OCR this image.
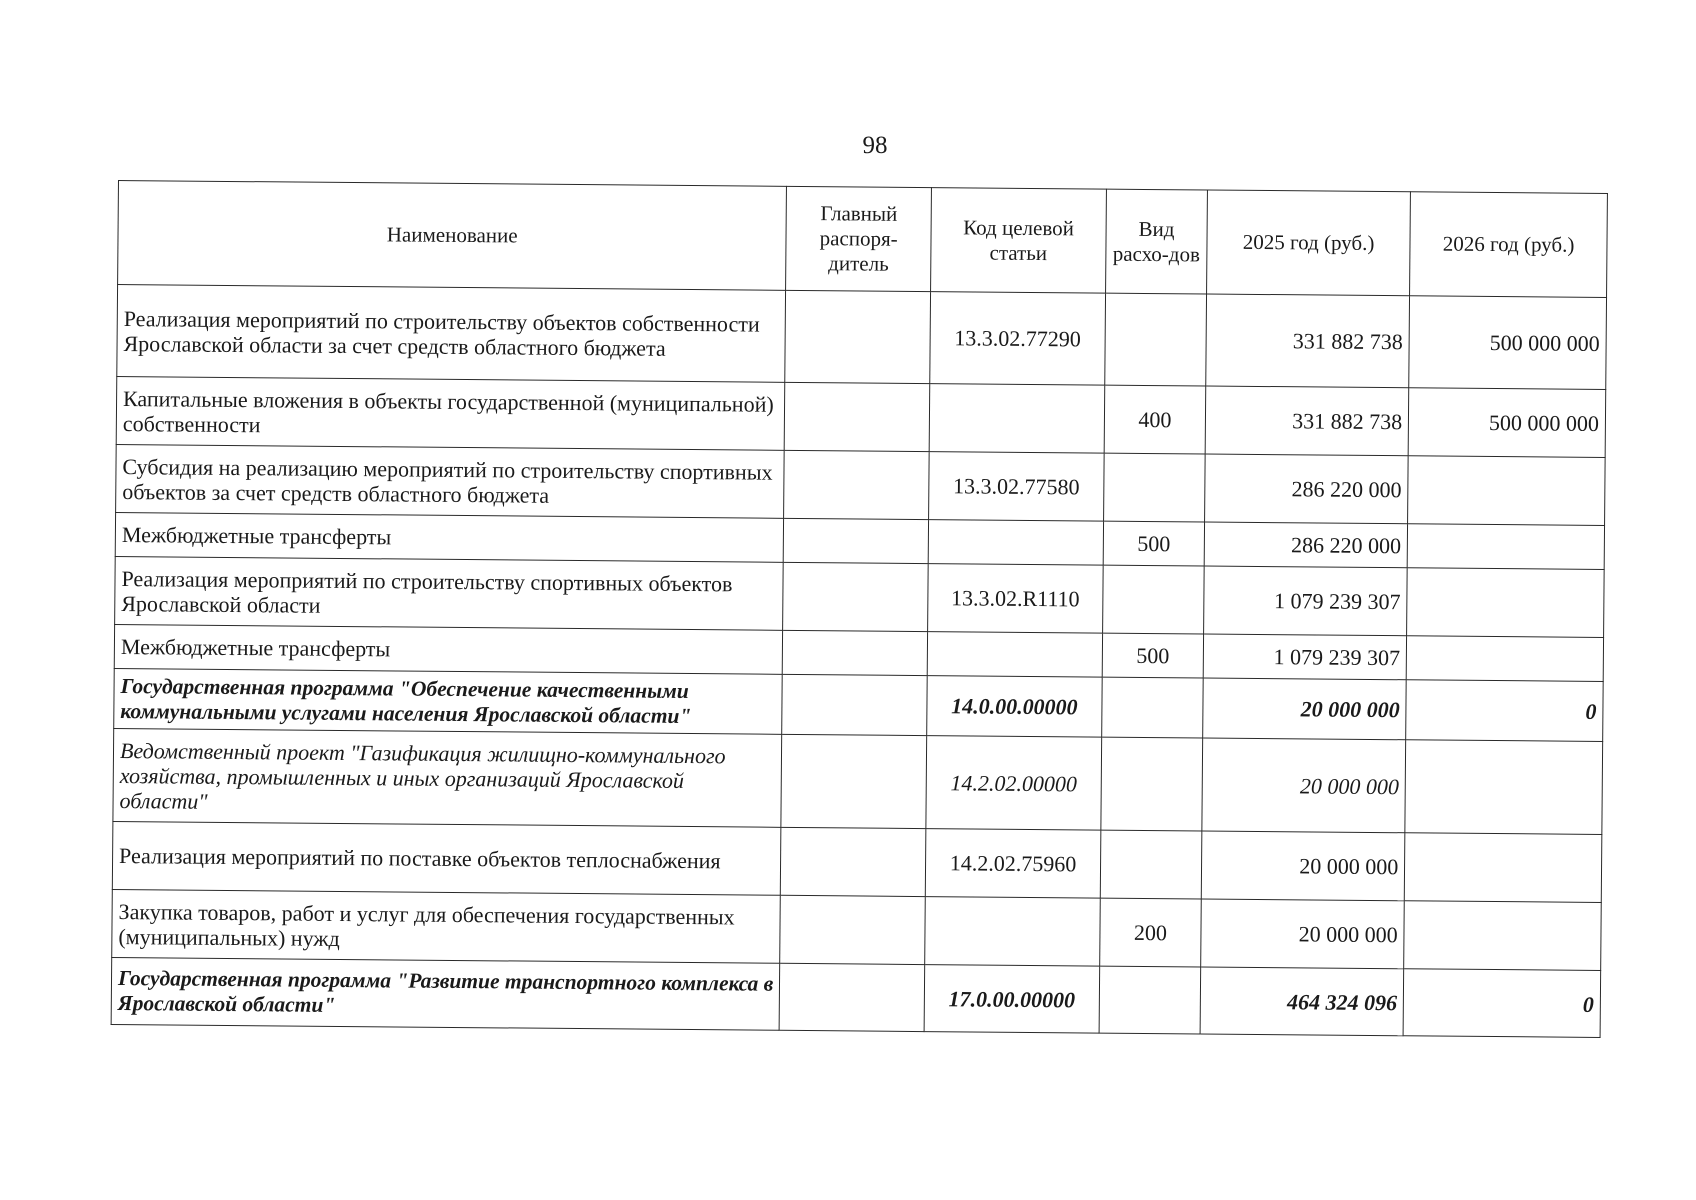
98
Наименование	Главный распоря-дитель	Код целевой статьи	Вид расхо-дов	2025 год (руб.)	2026 год (руб.)
Реализация мероприятий по строительству объектов собственности Ярославской области за счет средств областного бюджета		13.3.02.77290		331 882 738	500 000 000
Капитальные вложения в объекты государственной (муниципальной) собственности			400	331 882 738	500 000 000
Субсидия на реализацию мероприятий по строительству спортивных объектов за счет средств областного бюджета		13.3.02.77580		286 220 000	
Межбюджетные трансферты			500	286 220 000	
Реализация мероприятий по строительству спортивных объектов Ярославской области		13.3.02.R1110		1 079 239 307	
Межбюджетные трансферты			500	1 079 239 307	
Государственная программа "Обеспечение качественными коммунальными услугами населения Ярославской области"		14.0.00.00000		20 000 000	0
Ведомственный проект "Газификация жилищно-коммунального хозяйства, промышленных и иных организаций Ярославской области"		14.2.02.00000		20 000 000	
Реализация мероприятий по поставке объектов теплоснабжения		14.2.02.75960		20 000 000	
Закупка товаров, работ и услуг для обеспечения государственных (муниципальных) нужд			200	20 000 000	
Государственная программа "Развитие транспортного комплекса в Ярославской области"		17.0.00.00000		464 324 096	0
